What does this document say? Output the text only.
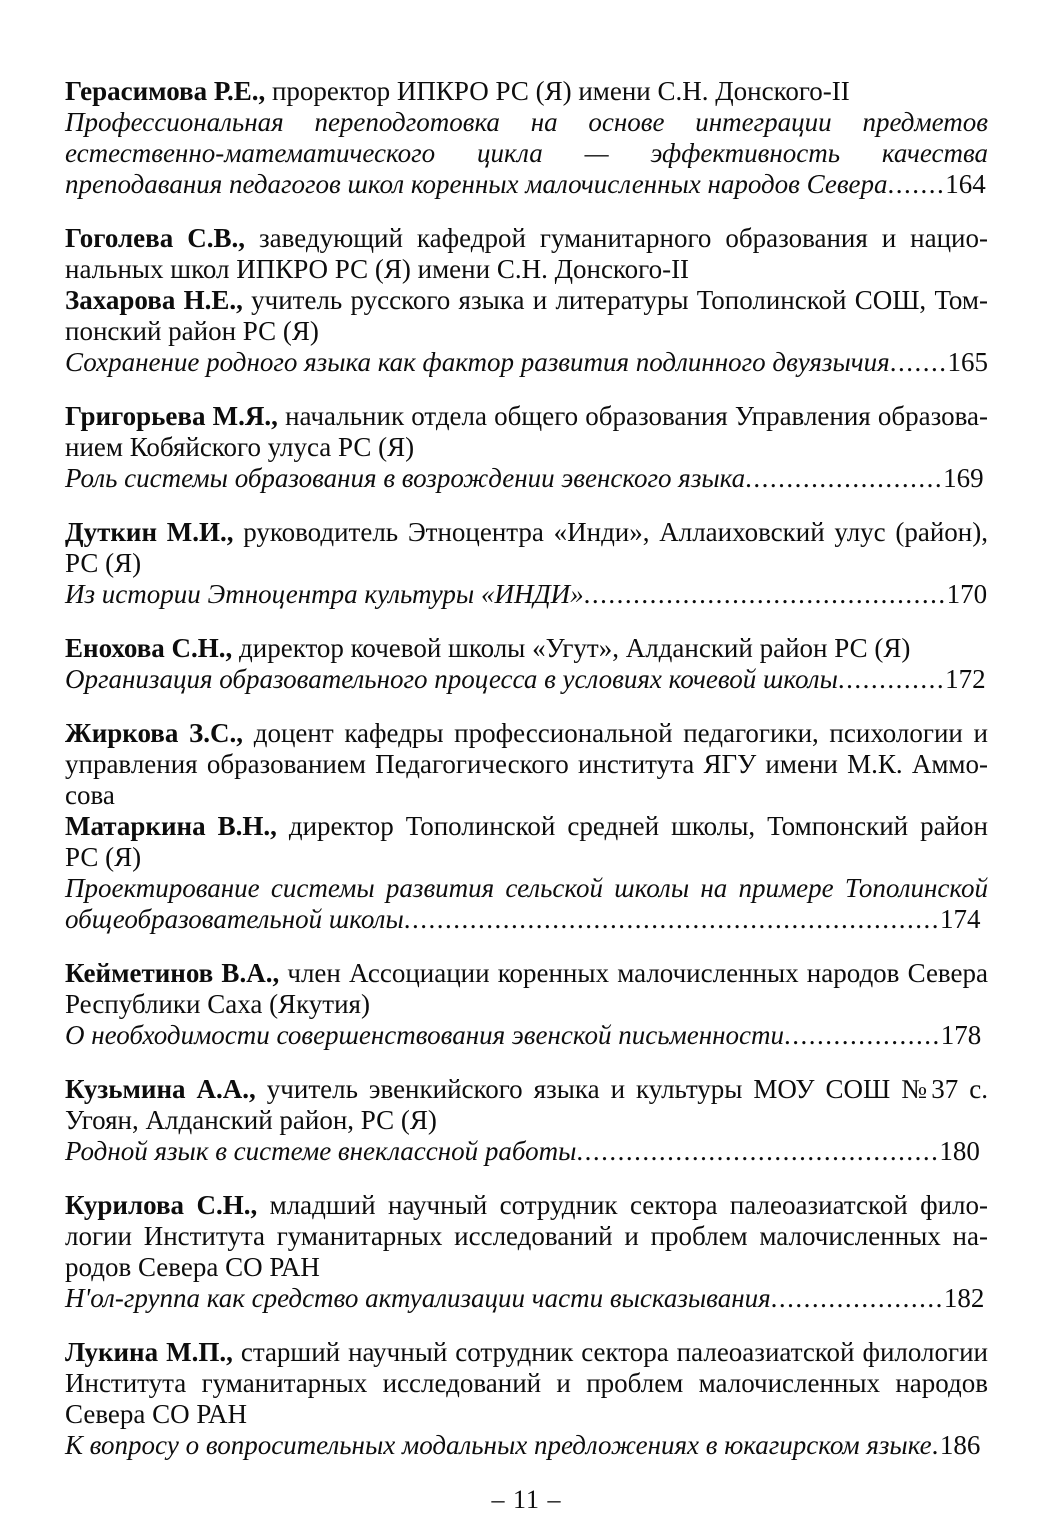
Герасимова Р.Е., проректор ИПКРО РС (Я) имени С.Н. Донского-II

Профессиональная переподготовка на основе интеграции предметов естественно-математического цикла — эффективность качества преподавания педагогов школ коренных малочисленных народов Севера.......164

Гоголева С.В., заведующий кафедрой гуманитарного образования и национальных школ ИПКРО РС (Я) имени С.Н. Донского-II

Захарова Н.Е., учитель русского языка и литературы Тополинской СОШ, Томпонский район РС (Я)

Сохранение родного языка как фактор развития подлинного двуязычия.......165

Григорьева М.Я., начальник отдела общего образования Управления образованием Кобяйского улуса РС (Я)

Роль системы образования в возрождении эвенского языка........................169

Дуткин М.И., руководитель Этноцентра «Инди», Аллаиховский улус (район), РС (Я)

Из истории Этноцентра культуры «ИНДИ»............................................170

Енохова С.Н., директор кочевой школы «Угут», Алданский район РС (Я)

Организация образовательного процесса в условиях кочевой школы.............172

Жиркова З.С., доцент кафедры профессиональной педагогики, психологии и управления образованием Педагогического института ЯГУ имени М.К. Аммосова

Матаркина В.Н., директор Тополинской средней школы, Томпонский район РС (Я)

Проектирование системы развития сельской школы на примере Тополинской общеобразовательной школы.................................................................174

Кейметинов В.А., член Ассоциации коренных малочисленных народов Севера Республики Саха (Якутия)

О необходимости совершенствования эвенской письменности...................178

Кузьмина А.А., учитель эвенкийского языка и культуры МОУ СОШ №37 с. Угоян, Алданский район, РС (Я)

Родной язык в системе внеклассной работы............................................180

Курилова С.Н., младший научный сотрудник сектора палеоазиатской филологии Института гуманитарных исследований и проблем малочисленных народов Севера СО РАН

Н'ол-группа как средство актуализации части высказывания.....................182

Лукина М.П., старший научный сотрудник сектора палеоазиатской филологии Института гуманитарных исследований и проблем малочисленных народов Севера СО РАН

К вопросу о вопросительных модальных предложениях в юкагирском языке.186

– 11 –
